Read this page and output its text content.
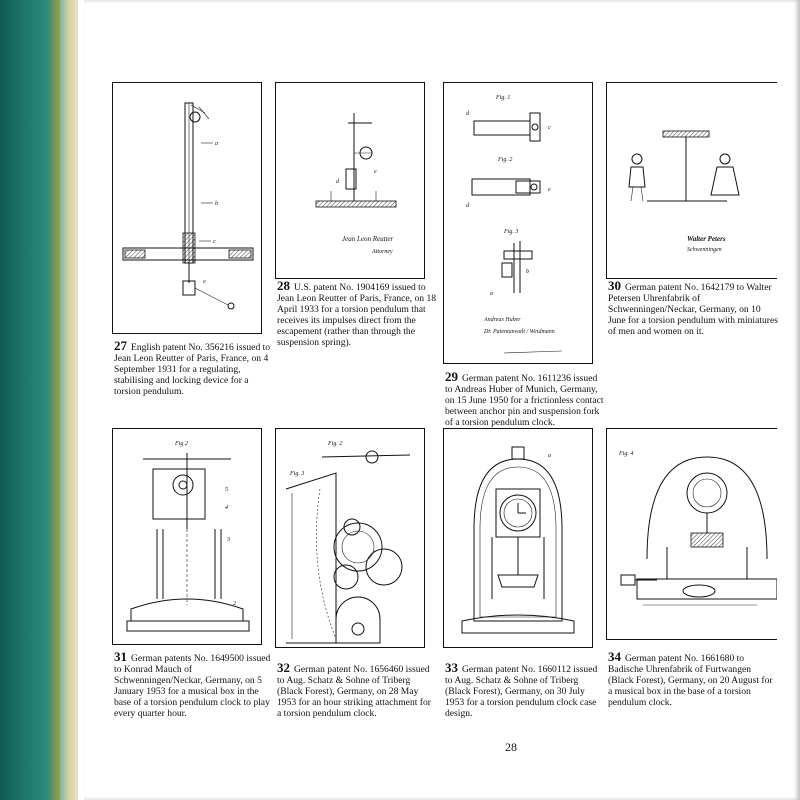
a
b
c
e
27 English patent No. 356216 issued to Jean Leon Reutter of Paris, France, on 4 September 1931 for a regulating, stabilising and locking device for a torsion pendulum.
d
e
Jean Leon Reutter
Attorney
28 U.S. patent No. 1904169 issued to Jean Leon Reutter of Paris, France, on 18 April 1933 for a torsion pendulum that receives its impulses direct from the escapement (rather than through the suspension spring).
Fig. 1
d
c
Fig. 2
d
e
Fig. 3
a
b
Andreas Huber
Dr. Patentanwalt / Weidmann
29 German patent No. 1611236 issued to Andreas Huber of Munich, Germany, on 15 June 1950 for a frictionless contact between anchor pin and suspension fork of a torsion pendulum clock.
Walter Peters
Schwenningen
30 German patent No. 1642179 to Walter Petersen Uhrenfabrik of Schwenningen/Neckar, Germany, on 10 June for a torsion pendulum with miniatures of men and women on it.
Fig 2
5
4
3
2
31 German patents No. 1649500 issued to Konrad Mauch of Schwenningen/Neckar, Germany, on 5 January 1953 for a musical box in the base of a torsion pendulum clock to play every quarter hour.
Fig. 2
Fig. 3
32 German patent No. 1656460 issued to Aug. Schatz & Sohne of Triberg (Black Forest), Germany, on 28 May 1953 for an hour striking attachment for a torsion pendulum clock.
a
33 German patent No. 1660112 issued to Aug. Schatz & Sohne of Triberg (Black Forest), Germany, on 30 July 1953 for a torsion pendulum clock case design.
Fig. 4
34 German patent No. 1661680 to Badische Uhrenfabrik of Furtwangen (Black Forest), Germany, on 20 August for a musical box in the base of a torsion pendulum clock.
28
